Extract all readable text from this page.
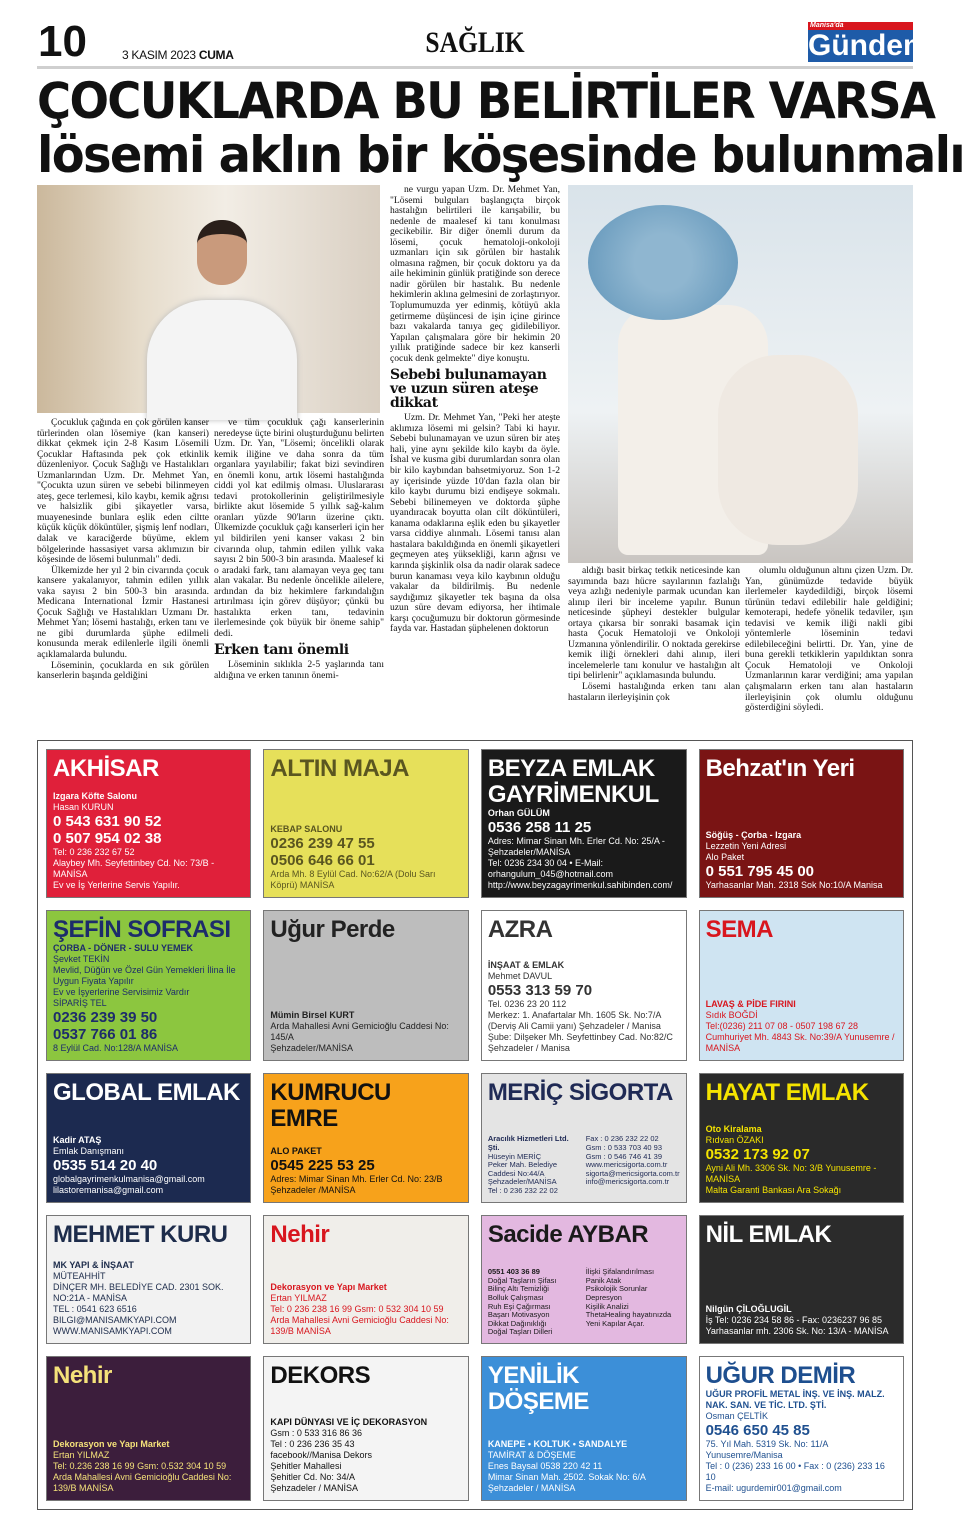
10	3 KASIM 2023 CUMA	SAĞLIK
Manisa'da
Gündem
ÇOCUKLARDA BU BELİRTİLER VARSA
lösemi aklın bir köşesinde bulunmalı

Çocukluk çağında en çok görülen kanser türlerinden olan lösemiye (kan kanseri) dikkat çekmek için 2-8 Kasım Lösemili Çocuklar Haftasında pek çok etkinlik düzenleniyor. Çocuk Sağlığı ve Hastalıkları Uzmanlarından Uzm. Dr. Mehmet Yan, "Çocukta uzun süren ve sebebi bilinmeyen ateş, gece terlemesi, kilo kaybı, kemik ağrısı ve halsizlik gibi şikayetler varsa, muayenesinde bunlara eşlik eden ciltte küçük küçük döküntüler, şişmiş lenf nodları, dalak ve karaciğerde büyüme, eklem bölgelerinde hassasiyet varsa aklımızın bir köşesinde de lösemi bulunmalı" dedi.

Ülkemizde her yıl 2 bin civarında çocuk kansere yakalanıyor, tahmin edilen yıllık vaka sayısı 2 bin 500-3 bin arasında. Medicana International İzmir Hastanesi Çocuk Sağlığı ve Hastalıkları Uzmanı Dr. Mehmet Yan; lösemi hastalığı, erken tanı ve ne gibi durumlarda şüphe edilmeli konusunda merak edilenlerle ilgili önemli açıklamalarda bulundu.

Löseminin, çocuklarda en sık görülen kanserlerin başında geldiğini

ve tüm çocukluk çağı kanserlerinin neredeyse üçte birini oluşturduğunu belirten Uzm. Dr. Yan, "Lösemi; öncelikli olarak kemik iliğine ve daha sonra da tüm organlara yayılabilir; fakat bizi sevindiren en önemli konu, artık lösemi hastalığında ciddi yol kat edilmiş olması. Uluslararası tedavi protokollerinin geliştirilmesiyle birlikte akut lösemide 5 yıllık sağ-kalım oranları yüzde 90'ların üzerine çıktı. Ülkemizde çocukluk çağı kanserleri için her yıl bildirilen yeni kanser vakası 2 bin civarında olup, tahmin edilen yıllık vaka sayısı 2 bin 500-3 bin arasında. Maalesef ki o aradaki fark, tanı alamayan veya geç tanı alan vakalar. Bu nedenle öncelikle ailelere, ardından da biz hekimlere farkındalığın artırılması için görev düşüyor; çünkü bu hastalıkta erken tanı, tedavinin ilerlemesinde çok büyük bir öneme sahip" dedi.

Erken tanı önemli

Löseminin sıklıkla 2-5 yaşlarında tanı aldığına ve erken tanının önemi-

ne vurgu yapan Uzm. Dr. Mehmet Yan, "Lösemi bulguları başlangıçta birçok hastalığın belirtileri ile karışabilir, bu nedenle de maalesef ki tanı konulması gecikebilir. Bir diğer önemli durum da lösemi, çocuk hematoloji-onkoloji uzmanları için sık görülen bir hastalık olmasına rağmen, bir çocuk doktoru ya da aile hekiminin günlük pratiğinde son derece nadir görülen bir hastalık. Bu nedenle hekimlerin aklına gelmesini de zorlaştırıyor. Toplumumuzda yer edinmiş, kötüyü akla getirmeme düşüncesi de işin içine girince bazı vakalarda tanıya geç gidilebiliyor. Yapılan çalışmalara göre bir hekimin 20 yıllık pratiğinde sadece bir kez kanserli çocuk denk gelmekte" diye konuştu.

Sebebi bulunamayan ve uzun süren ateşe dikkat

Uzm. Dr. Mehmet Yan, "Peki her ateşte aklımıza lösemi mi gelsin? Tabi ki hayır. Sebebi bulunamayan ve uzun süren bir ateş hali, yine aynı şekilde kilo kaybı da öyle. İshal ve kusma gibi durumlardan sonra olan bir kilo kaybından bahsetmiyoruz. Son 1-2 ay içerisinde yüzde 10'dan fazla olan bir kilo kaybı durumu bizi endişeye sokmalı. Sebebi bilinemeyen ve doktorda şüphe uyandıracak boyutta olan cilt döküntüleri, kanama odaklarına eşlik eden bu şikayetler varsa ciddiye alınmalı. Lösemi tanısı alan hastalara bakıldığında en önemli şikayetleri geçmeyen ateş yüksekliği, karın ağrısı ve karında şişkinlik olsa da nadir olarak sadece burun kanaması veya kilo kaybının olduğu vakalar da bildirilmiş. Bu nedenle saydığımız şikayetler tek başına da olsa uzun süre devam ediyorsa, her ihtimale karşı çocuğumuzu bir doktorun görmesinde fayda var. Hastadan şüphelenen doktorun

aldığı basit birkaç tetkik neticesinde kan sayımında bazı hücre sayılarının fazlalığı veya azlığı nedeniyle parmak ucundan kan alınıp ileri bir inceleme yapılır. Bunun neticesinde şüpheyi destekler bulgular ortaya çıkarsa bir sonraki basamak için hasta Çocuk Hematoloji ve Onkoloji Uzmanına yönlendirilir. O noktada gerekirse kemik iliği örnekleri dahi alınıp, ileri incelemelerle tanı konulur ve hastalığın alt tipi belirlenir" açıklamasında bulundu.

Lösemi hastalığında erken tanı alan hastaların ilerleyişinin çok

olumlu olduğunun altını çizen Uzm. Dr. Yan, günümüzde tedavide büyük ilerlemeler kaydedildiği, birçok lösemi türünün tedavi edilebilir hale geldiğini; kemoterapi, hedefe yönelik tedaviler, ışın tedavisi ve kemik iliği nakli gibi yöntemlerle löseminin tedavi edilebileceğini belirtti. Dr. Yan, yine de buna gerekli tetkiklerin yapıldıktan sonra Çocuk Hematoloji ve Onkoloji Uzmanlarının karar verdiğini; ama yapılan çalışmaların erken tanı alan hastaların ilerleyişinin çok olumlu olduğunu gösterdiğini söyledi.

AKHİSAR
Izgara Köfte Salonu
Hasan KURUN
0 543 631 90 52
0 507 954 02 38
Tel: 0 236 232 67 52
Alaybey Mh. Seyfettinbey Cd. No: 73/B - MANİSA
Ev ve İş Yerlerine Servis Yapılır.
ALTIN MAJA
KEBAP SALONU
0236 239 47 55
0506 646 66 01
Arda Mh. 8 Eylül Cad. No:62/A (Dolu Sarı Köprü) MANİSA
BEYZA EMLAK GAYRİMENKUL
Orhan GÜLÜM
0536 258 11 25
Adres: Mimar Sinan Mh. Erler Cd. No: 25/A - Şehzadeler/MANİSA
Tel: 0236 234 30 04 • E-Mail: orhangulum_045@hotmail.com
http://www.beyzagayrimenkul.sahibinden.com/
Behzat'ın Yeri
Söğüş - Çorba - Izgara
Lezzetin Yeni Adresi
Alo Paket
0 551 795 45 00
Yarhasanlar Mah. 2318 Sok No:10/A Manisa
ŞEFİN SOFRASI
ÇORBA - DÖNER - SULU YEMEK
Şevket TEKİN
Mevlid, Düğün ve Özel Gün Yemekleri İlina İle Uygun Fiyata Yapılır
Ev ve İşyerlerine Servisimiz Vardır
SİPARİŞ TEL
0236 239 39 50
0537 766 01 86
8 Eylül Cad. No:128/A MANİSA
Uğur Perde
Mümin Birsel KURT
Arda Mahallesi Avni Gemicioğlu Caddesi No: 145/A
Şehzadeler/MANİSA
AZRA
İNŞAAT & EMLAK
Mehmet DAVUL
0553 313 59 70
Tel. 0236 23 20 112
Merkez: 1. Anafartalar Mh. 1605 Sk. No:7/A (Derviş Ali Camii yanı) Şehzadeler / Manisa
Şube: Dilşeker Mh. Seyfettinbey Cad. No:82/C Şehzadeler / Manisa
SEMA
LAVAŞ & PİDE FIRINI
Sıdık BOĞDİ
Tel:(0236) 211 07 08 - 0507 198 67 28
Cumhuriyet Mh. 4843 Sk. No:39/A Yunusemre / MANİSA
GLOBAL EMLAK
Kadir ATAŞ
Emlak Danışmanı
0535 514 20 40
globalgayrimenkulmanisa@gmail.com
lilastoremanisa@gmail.com
KUMRUCU EMRE
ALO PAKET
0545 225 53 25
Adres: Mimar Sinan Mh. Erler Cd. No: 23/B
Şehzadeler /MANİSA
MERİÇ SİGORTA
Aracılık Hizmetleri Ltd. Şti.
Hüseyin MERİÇ
Peker Mah. Belediye Caddesi No:44/A Şehzadeler/MANİSA
Tel : 0 236 232 22 02
Fax : 0 236 232 22 02
Gsm : 0 533 703 40 93
Gsm : 0 546 746 41 39
www.mericsigorta.com.tr
sigorta@mericsigorta.com.tr
info@mericsigorta.com.tr
HAYAT EMLAK
Oto Kiralama
Rıdvan ÖZAKI
0532 173 92 07
Ayni Ali Mh. 3306 Sk. No: 3/B Yunusemre - MANİSA
Malta Garanti Bankası Ara Sokağı
MEHMET KURU
MK YAPI & İNŞAAT
MÜTEAHHİT
DİNÇER MH. BELEDİYE CAD. 2301 SOK. NO:21A - MANİSA
TEL : 0541 623 6516
BILGI@MANISAMKYAPI.COM
WWW.MANISAMKYAPI.COM
Nehir
Dekorasyon ve Yapı Market
Ertan YILMAZ
Tel: 0 236 238 16 99 Gsm: 0 532 304 10 59
Arda Mahallesi Avni Gemicioğlu Caddesi No: 139/B MANİSA
Sacide AYBAR
0551 403 36 89
Doğal Taşların Şifası
Bilinç Altı Temizliği
Bolluk Çalışması
Ruh Eşi Çağırması
Başarı Motivasyon
Dikkat Dağınıklığı
Doğal Taşları Dilleri
İlişki Şifalandırılması
Panik Atak
Psikolojik Sorunlar
Depresyon
Kişilik Analizi
ThetaHealing hayatınızda Yeni Kapılar Açar.
NİL EMLAK
Nilgün ÇİLOĞLUGİL
İş Tel: 0236 234 58 86 - Fax: 0236237 96 85
Yarhasanlar mh. 2306 Sk. No: 13/A - MANİSA
Nehir
Dekorasyon ve Yapı Market
Ertan YILMAZ
Tel: 0.236 238 16 99 Gsm: 0.532 304 10 59
Arda Mahallesi Avni Gemicioğlu Caddesi No: 139/B MANİSA
DEKORS
KAPI DÜNYASI VE İÇ DEKORASYON
Gsm : 0 533 316 86 36
Tel : 0 236 236 35 43
facebook//Manisa Dekors
Şehitler Mahallesi
Şehitler Cd. No: 34/A
Şehzadeler / MANİSA
YENİLİK DÖŞEME
KANEPE • KOLTUK • SANDALYE
TAMİRAT & DÖŞEME
Enes Baysal 0538 220 42 11
Mimar Sinan Mah. 2502. Sokak No: 6/A Şehzadeler / MANİSA
UĞUR DEMİR
UĞUR PROFİL METAL İNŞ. VE İNŞ. MALZ. NAK. SAN. VE TİC. LTD. ŞTİ.
Osman ÇELTİK
0546 650 45 85
75. Yıl Mah. 5319 Sk. No: 11/A Yunusemre/Manisa
Tel : 0 (236) 233 16 00 • Fax : 0 (236) 233 16 10
E-mail: ugurdemir001@gmail.com
